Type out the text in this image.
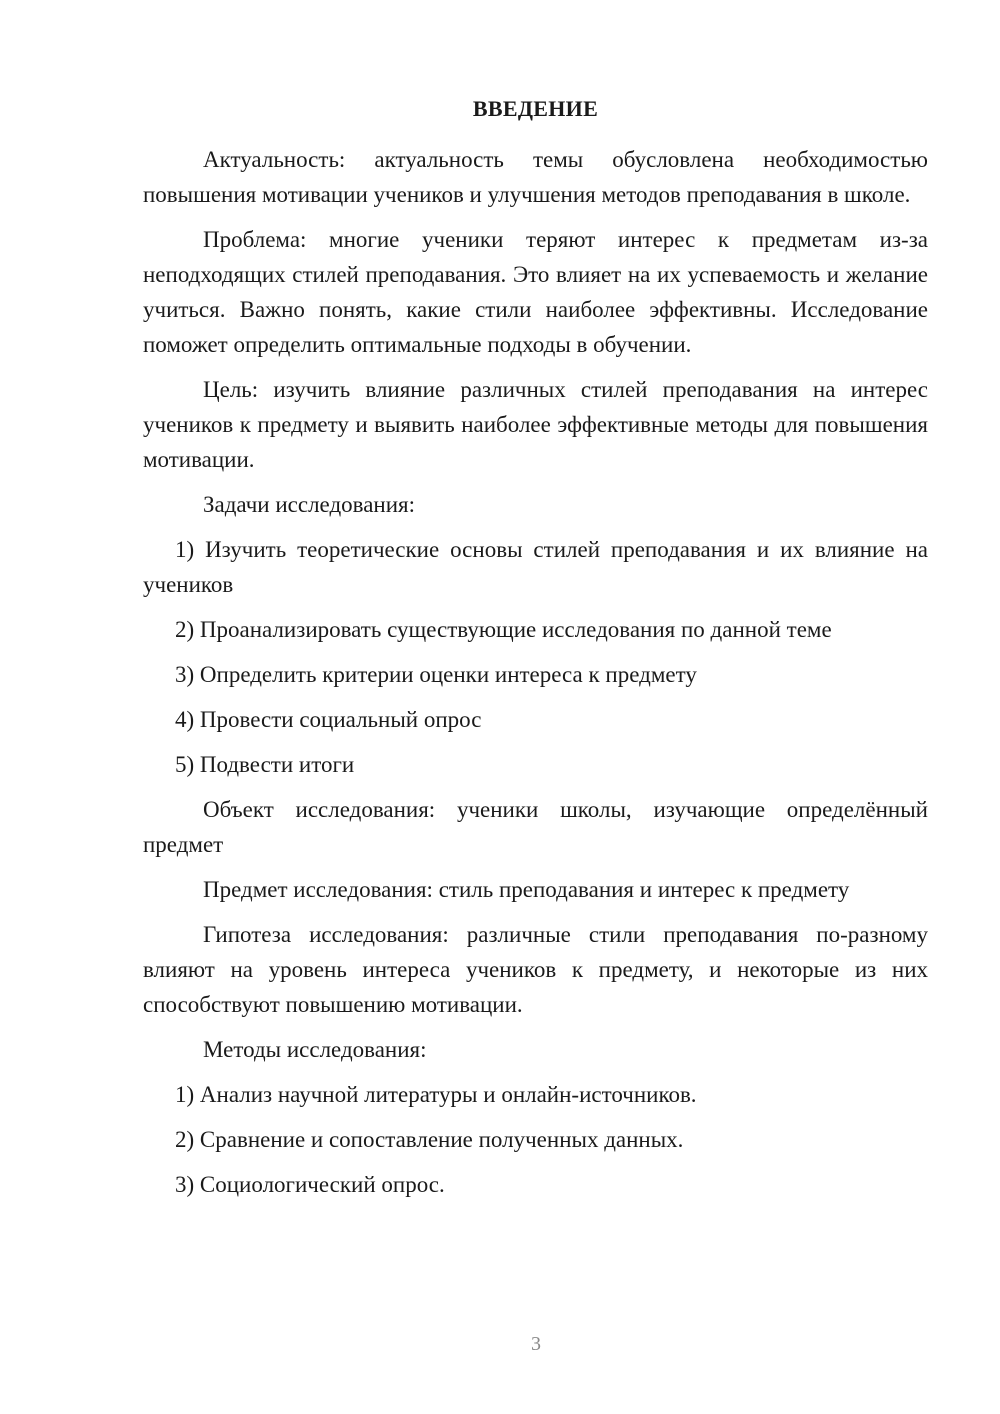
ВВЕДЕНИЕ

Актуальность: актуальность темы обусловлена необходимостью повышения мотивации учеников и улучшения методов преподавания в школе.

Проблема: многие ученики теряют интерес к предметам из-за неподходящих стилей преподавания. Это влияет на их успеваемость и желание учиться. Важно понять, какие стили наиболее эффективны. Исследование поможет определить оптимальные подходы в обучении.

Цель: изучить влияние различных стилей преподавания на интерес учеников к предмету и выявить наиболее эффективные методы для повышения мотивации.

Задачи исследования:

1) Изучить теоретические основы стилей преподавания и их влияние на учеников

2) Проанализировать существующие исследования по данной теме

3) Определить критерии оценки интереса к предмету

4) Провести социальный опрос

5) Подвести итоги

Объект исследования: ученики школы, изучающие определённый предмет

Предмет исследования: стиль преподавания и интерес к предмету

Гипотеза исследования: различные стили преподавания по-разному влияют на уровень интереса учеников к предмету, и некоторые из них способствуют повышению мотивации.

Методы исследования:

1) Анализ научной литературы и онлайн-источников.

2) Сравнение и сопоставление полученных данных.

3) Социологический опрос.

3
